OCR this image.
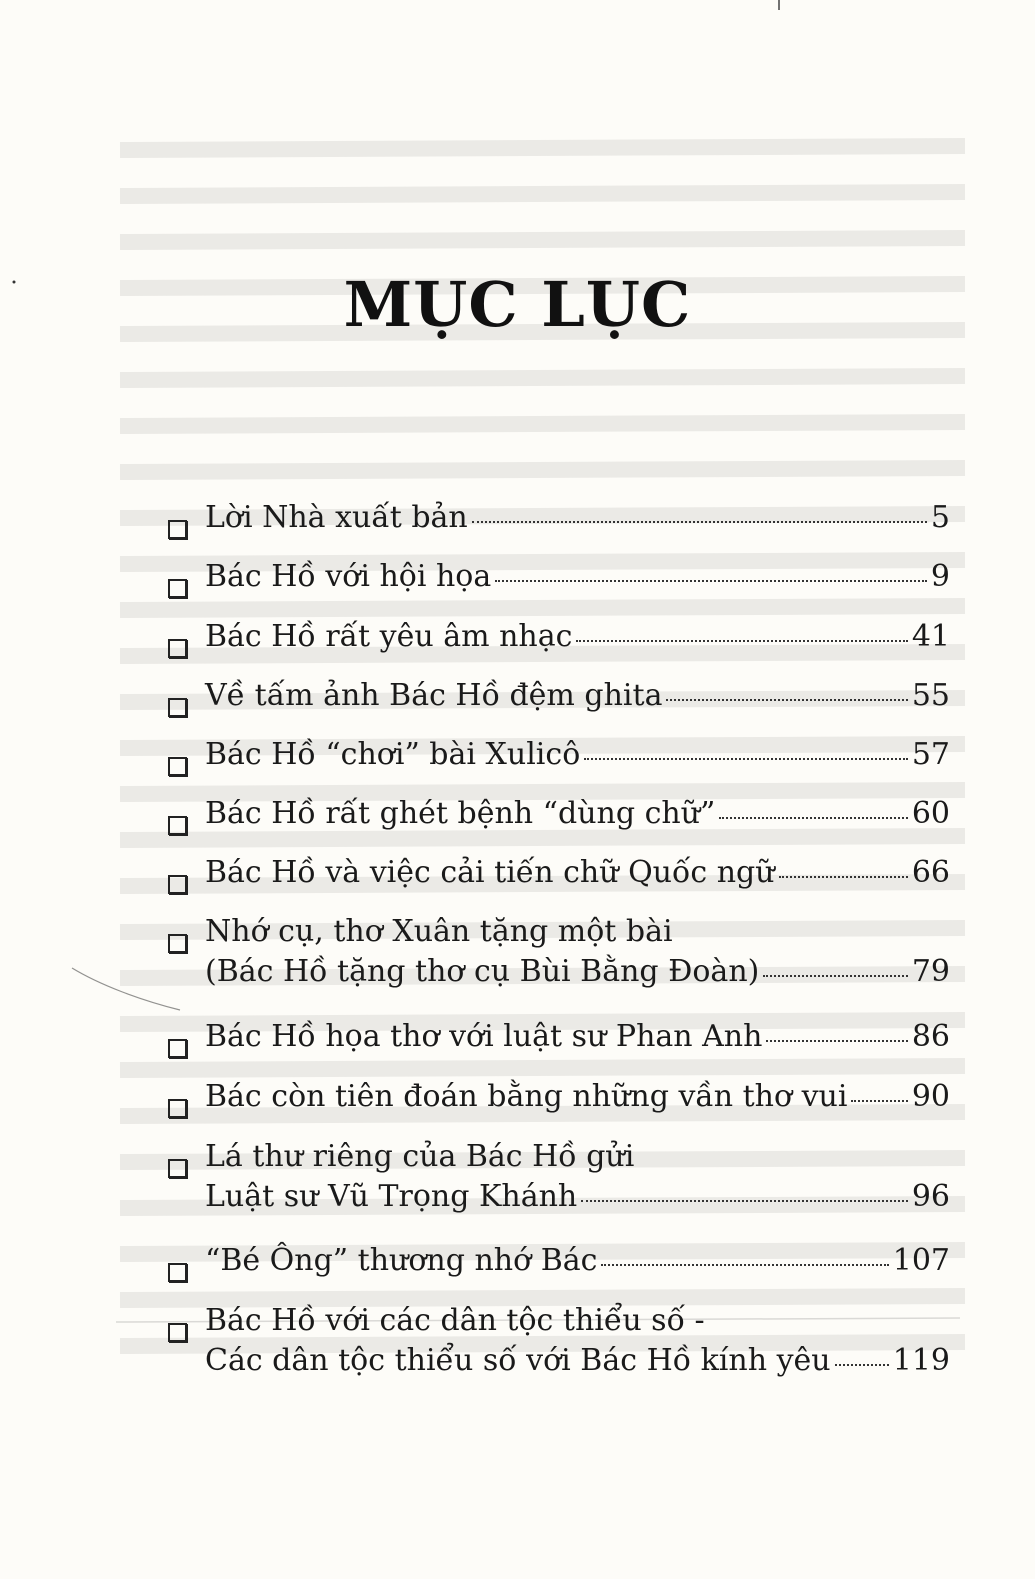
MỤC LỤC
Lời Nhà xuất bản	5
Bác Hồ với hội họa	9
Bác Hồ rất yêu âm nhạc	41
Về tấm ảnh Bác Hồ đệm ghita	55
Bác Hồ “chơi” bài Xulicô	57
Bác Hồ rất ghét bệnh “dùng chữ”	60
Bác Hồ và việc cải tiến chữ Quốc ngữ	66
Nhớ cụ, thơ Xuân tặng một bài
(Bác Hồ tặng thơ cụ Bùi Bằng Đoàn)	79
Bác Hồ họa thơ với luật sư Phan Anh	86
Bác còn tiên đoán bằng những vần thơ vui 90
Lá thư riêng của Bác Hồ gửi
Luật sư Vũ Trọng Khánh	96
“Bé Ông” thương nhớ Bác	107
Bác Hồ với các dân tộc thiểu số -
Các dân tộc thiểu số với Bác Hồ kính yêu 119
